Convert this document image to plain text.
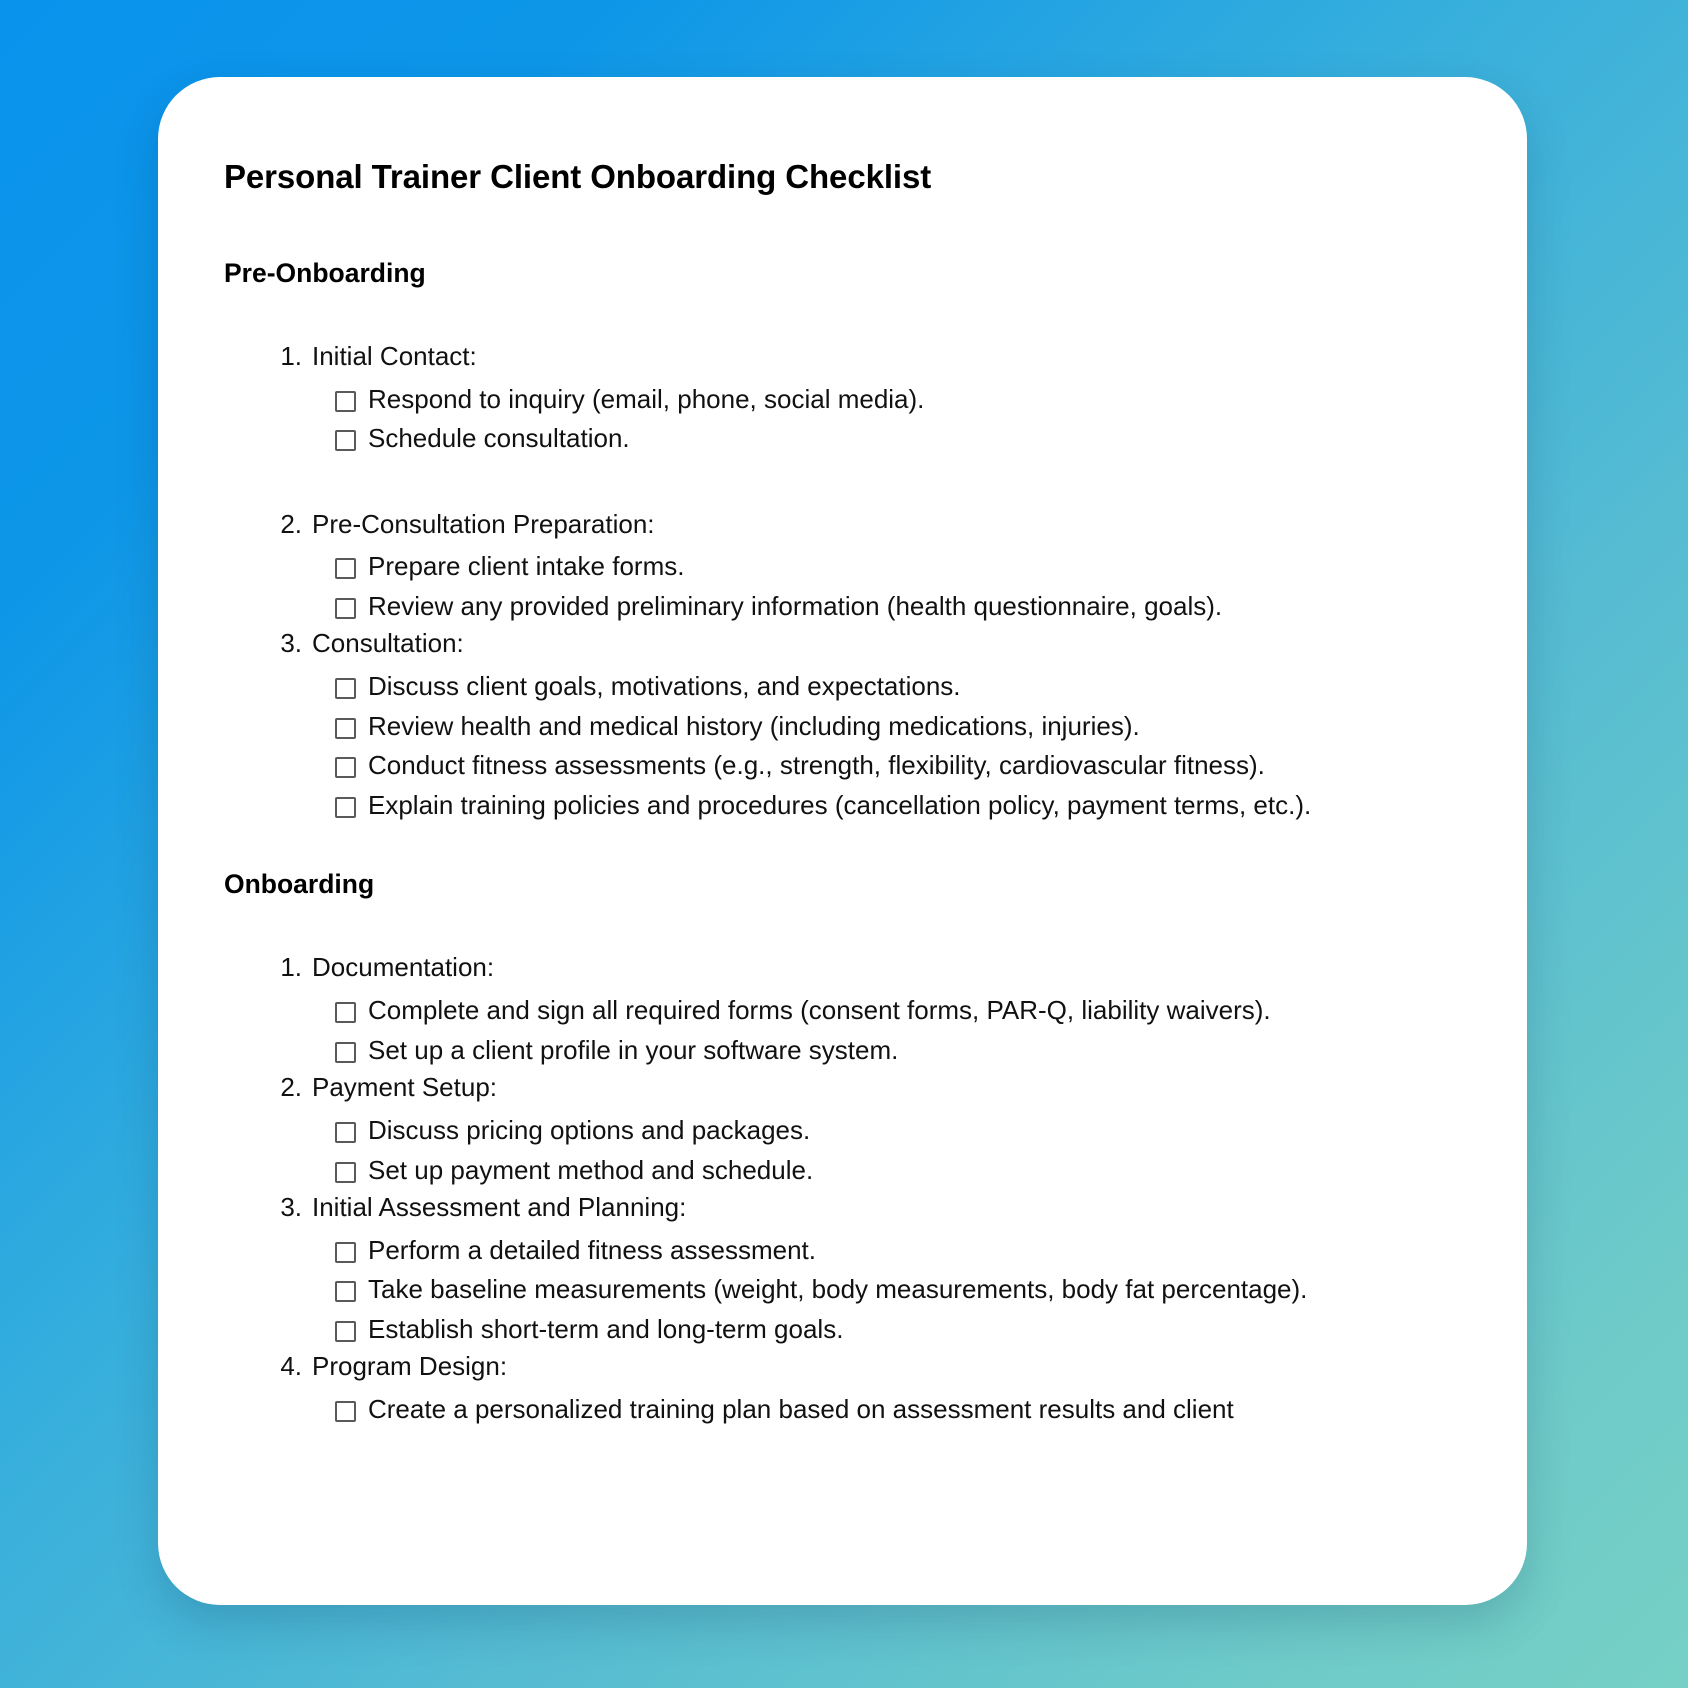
Personal Trainer Client Onboarding Checklist
Pre-Onboarding
1. Initial Contact:
Respond to inquiry (email, phone, social media).
Schedule consultation.
2. Pre-Consultation Preparation:
Prepare client intake forms.
Review any provided preliminary information (health questionnaire, goals).
3. Consultation:
Discuss client goals, motivations, and expectations.
Review health and medical history (including medications, injuries).
Conduct fitness assessments (e.g., strength, flexibility, cardiovascular fitness).
Explain training policies and procedures (cancellation policy, payment terms, etc.).
Onboarding
1. Documentation:
Complete and sign all required forms (consent forms, PAR-Q, liability waivers).
Set up a client profile in your software system.
2. Payment Setup:
Discuss pricing options and packages.
Set up payment method and schedule.
3. Initial Assessment and Planning:
Perform a detailed fitness assessment.
Take baseline measurements (weight, body measurements, body fat percentage).
Establish short-term and long-term goals.
4. Program Design:
Create a personalized training plan based on assessment results and client
